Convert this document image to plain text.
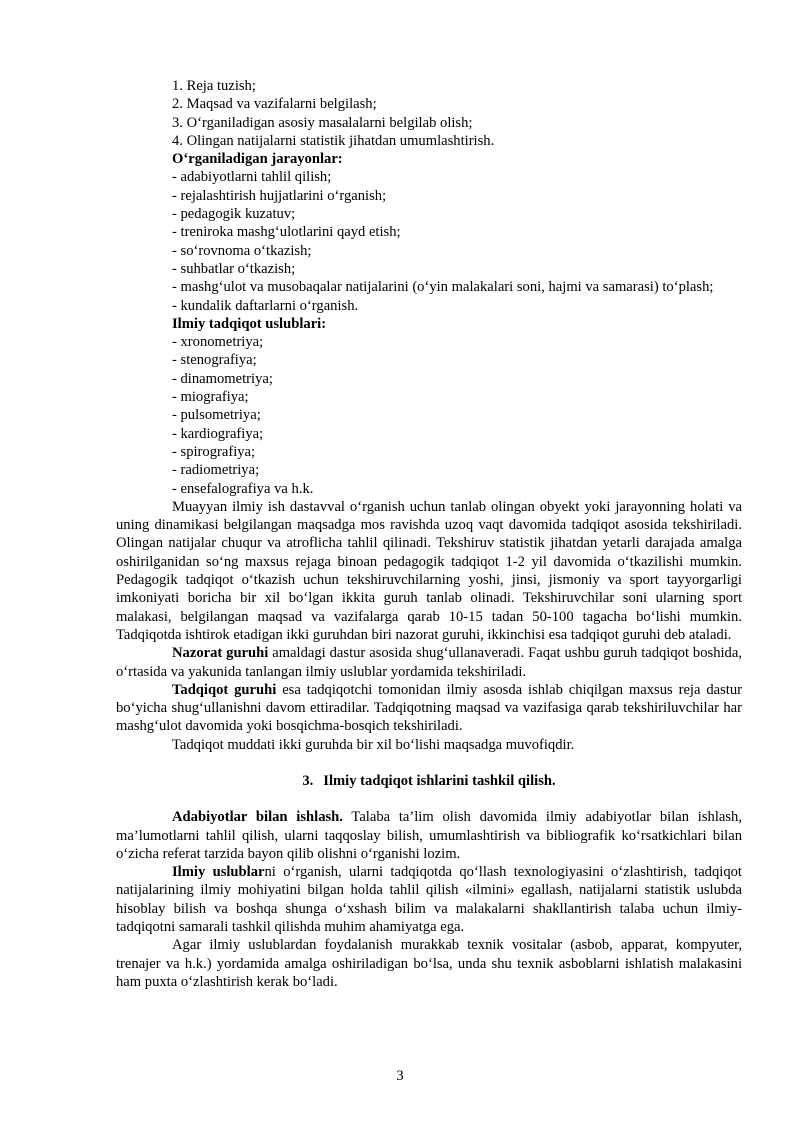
1. Reja tuzish;
2. Maqsad va vazifalarni belgilash;
3. O‘rganiladigan asosiy masalalarni belgilab olish;
4. Olingan natijalarni statistik jihatdan umumlashtirish.
O‘rganiladigan jarayonlar:
- adabiyotlarni tahlil qilish;
- rejalashtirish hujjatlarini o‘rganish;
- pedagogik kuzatuv;
- treniroka mashg‘ulotlarini qayd etish;
- so‘rovnoma o‘tkazish;
- suhbatlar o‘tkazish;
- mashg‘ulot va musobaqalar natijalarini (o‘yin malakalari soni, hajmi va samarasi) to‘plash;
- kundalik daftarlarni o‘rganish.
Ilmiy tadqiqot uslublari:
- xronometriya;
- stenografiya;
- dinamometriya;
- miografiya;
- pulsometriya;
- kardiografiya;
- spirografiya;
- radiometriya;
- ensefalografiya va h.k.

Muayyan ilmiy ish dastavval o‘rganish uchun tanlab olingan obyekt yoki jarayonning holati va uning dinamikasi belgilangan maqsadga mos ravishda uzoq vaqt davomida tadqiqot asosida tekshiriladi. Olingan natijalar chuqur va atroflicha tahlil qilinadi. Tekshiruv statistik jihatdan yetarli darajada amalga oshirilganidan so‘ng maxsus rejaga binoan pedagogik tadqiqot 1-2 yil davomida o‘tkazilishi mumkin. Pedagogik tadqiqot o‘tkazish uchun tekshiruvchilarning yoshi, jinsi, jismoniy va sport tayyorgarligi imkoniyati boricha bir xil bo‘lgan ikkita guruh tanlab olinadi. Tekshiruvchilar soni ularning sport malakasi, belgilangan maqsad va vazifalarga qarab 10-15 tadan 50-100 tagacha bo‘lishi mumkin. Tadqiqotda ishtirok etadigan ikki guruhdan biri nazorat guruhi, ikkinchisi esa tadqiqot guruhi deb ataladi.

Nazorat guruhi amaldagi dastur asosida shug‘ullanaveradi. Faqat ushbu guruh tadqiqot boshida, o‘rtasida va yakunida tanlangan ilmiy uslublar yordamida tekshiriladi.

Tadqiqot guruhi esa tadqiqotchi tomonidan ilmiy asosda ishlab chiqilgan maxsus reja dastur bo‘yicha shug‘ullanishni davom ettiradilar. Tadqiqotning maqsad va vazifasiga qarab tekshiriluvchilar har mashg‘ulot davomida yoki bosqichma-bosqich tekshiriladi.

Tadqiqot muddati ikki guruhda bir xil bo‘lishi maqsadga muvofiqdir.

3. Ilmiy tadqiqot ishlarini tashkil qilish.

Adabiyotlar bilan ishlash. Talaba ta’lim olish davomida ilmiy adabiyotlar bilan ishlash, ma’lumotlarni tahlil qilish, ularni taqqoslay bilish, umumlashtirish va bibliografik ko‘rsatkichlari bilan o‘zicha referat tarzida bayon qilib olishni o‘rganishi lozim.

Ilmiy uslublarni o‘rganish, ularni tadqiqotda qo‘llash texnologiyasini o‘zlashtirish, tadqiqot natijalarining ilmiy mohiyatini bilgan holda tahlil qilish «ilmini» egallash, natijalarni statistik uslubda hisoblay bilish va boshqa shunga o‘xshash bilim va malakalarni shakllantirish talaba uchun ilmiy-tadqiqotni samarali tashkil qilishda muhim ahamiyatga ega.

Agar ilmiy uslublardan foydalanish murakkab texnik vositalar (asbob, apparat, kompyuter, trenajer va h.k.) yordamida amalga oshiriladigan bo‘lsa, unda shu texnik asboblarni ishlatish malakasini ham puxta o‘zlashtirish kerak bo‘ladi.

3
